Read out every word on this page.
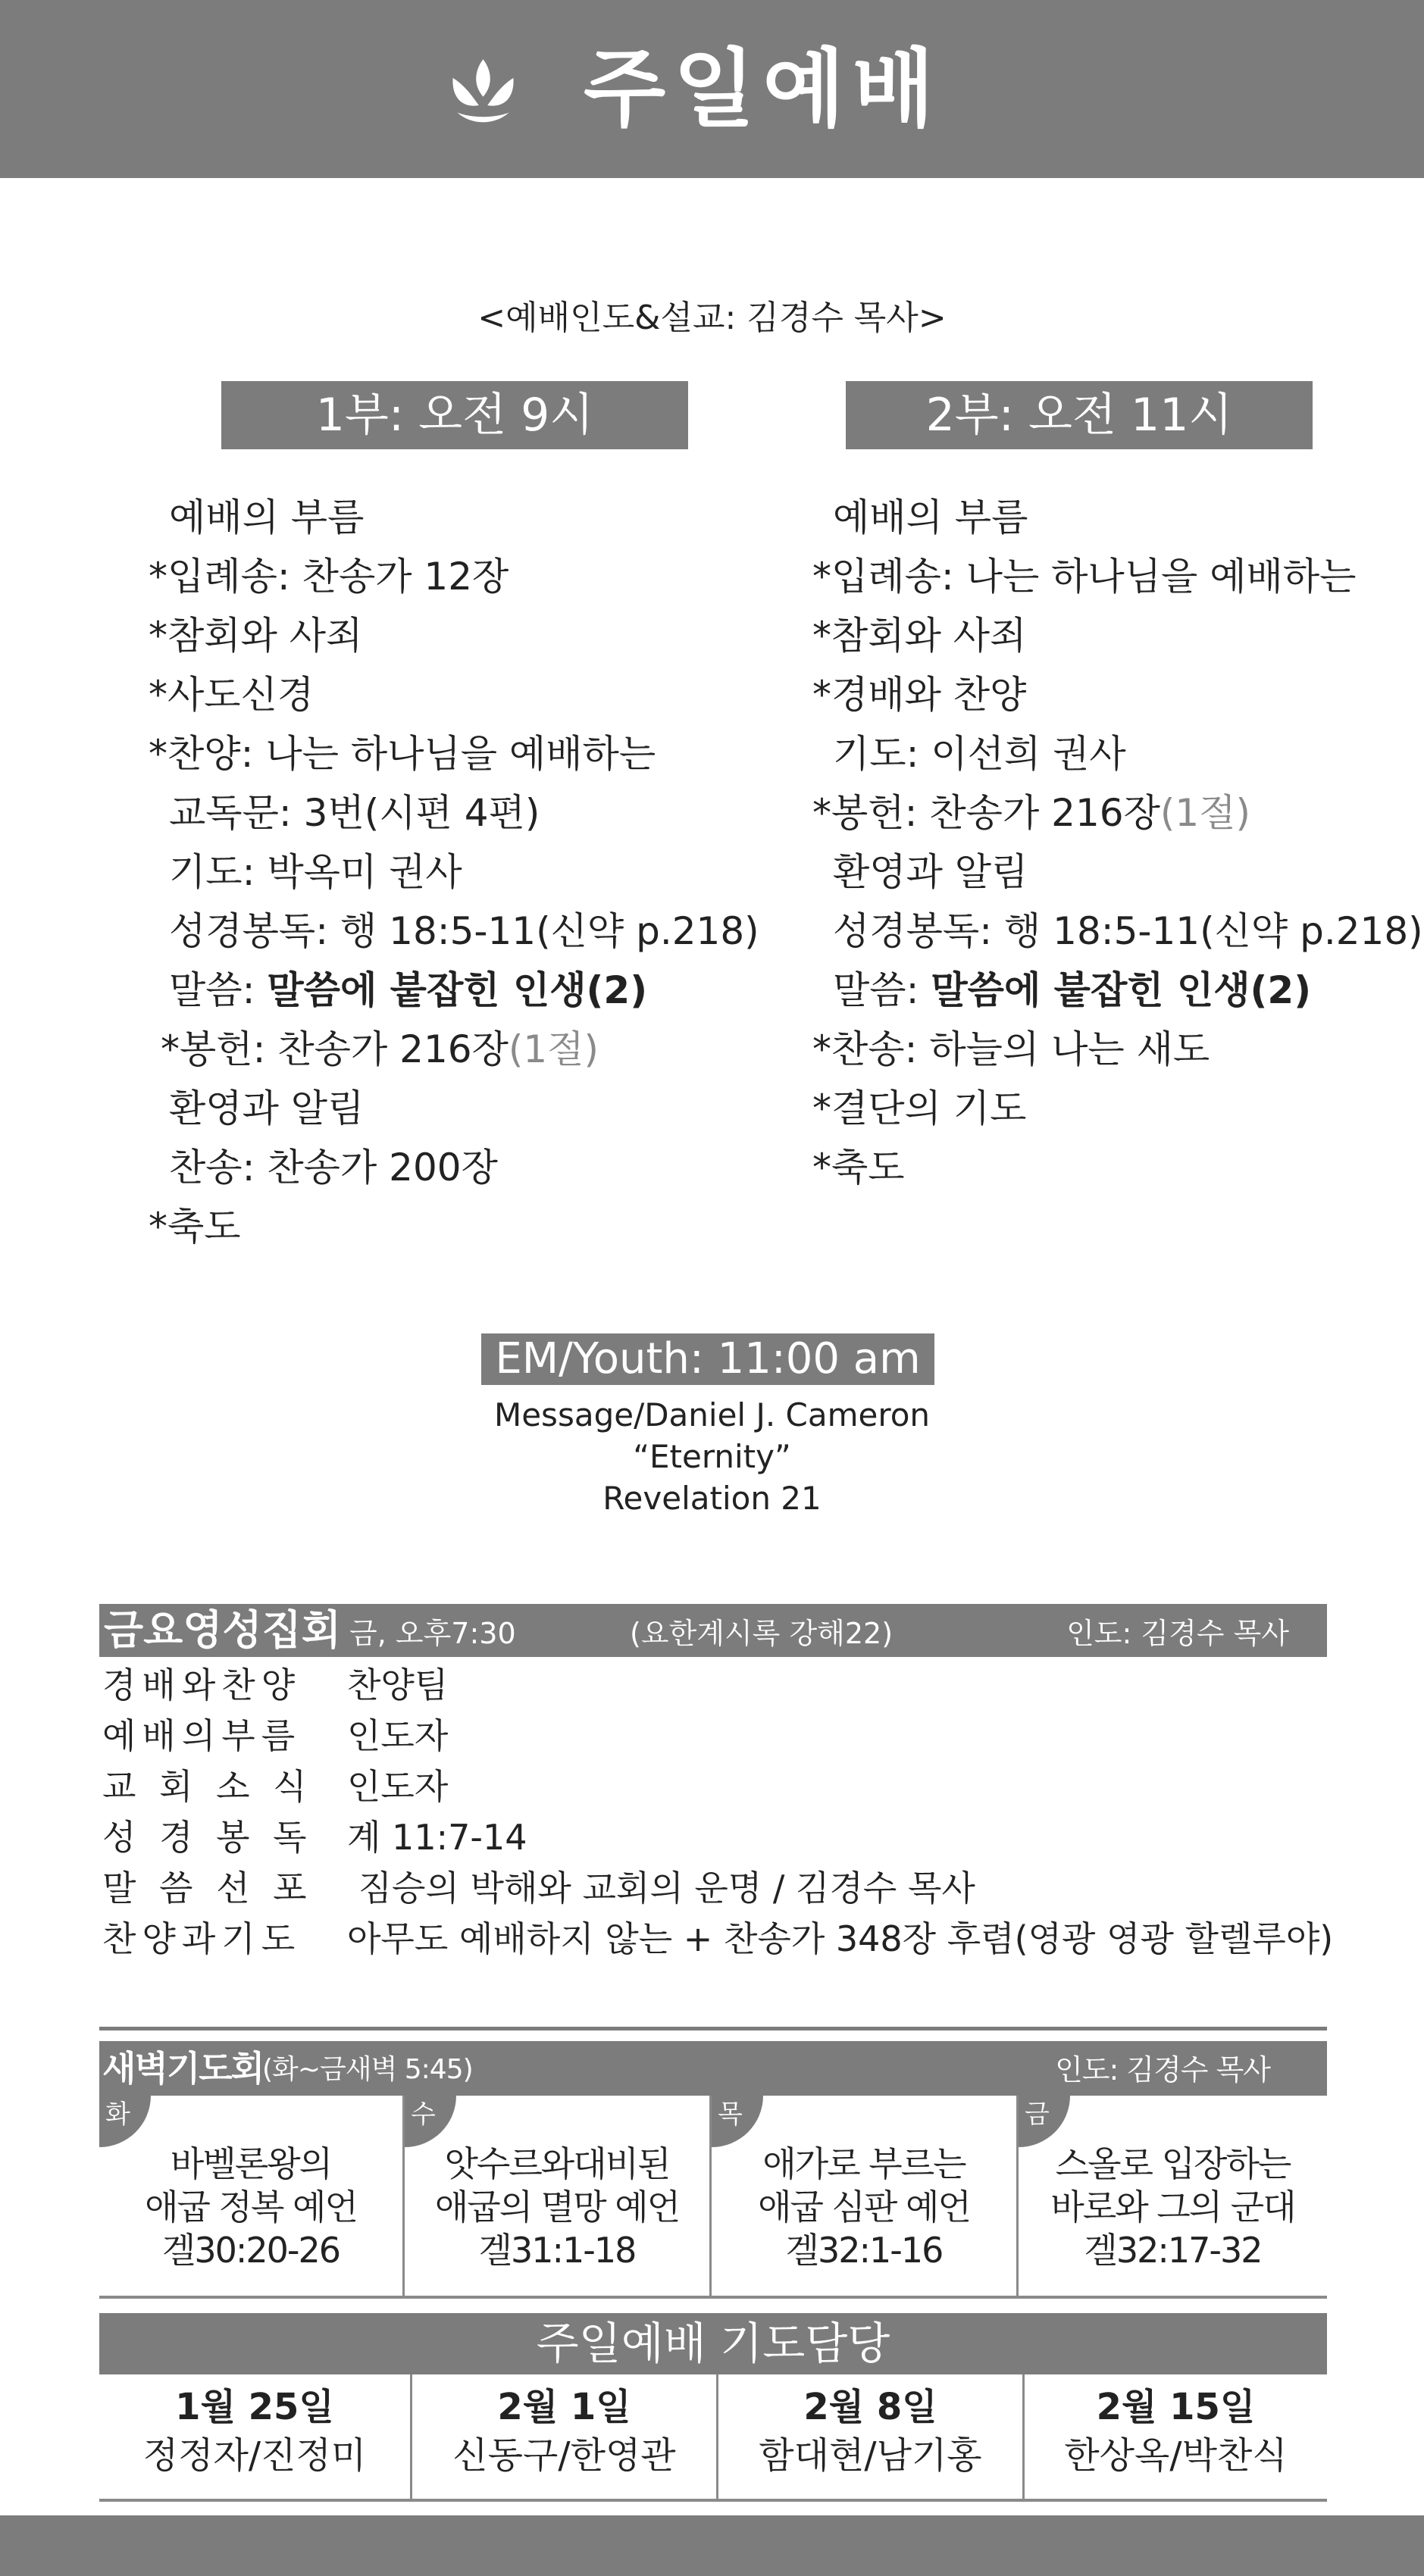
주일예배
<예배인도&설교: 김경수 목사>
1부: 오전 9시	2부: 오전 11시
예배의 부름
*입례송: 찬송가 12장
*참회와 사죄
*사도신경
*찬양: 나는 하나님을 예배하는
교독문: 3번(시편 4편)
기도: 박옥미 권사
성경봉독: 행 18:5-11(신약 p.218)
말씀: 말씀에 붙잡힌 인생(2)
*봉헌: 찬송가 216장(1절)
환영과 알림
찬송: 찬송가 200장
*축도
예배의 부름
*입례송: 나는 하나님을 예배하는
*참회와 사죄
*경배와 찬양
기도: 이선희 권사
*봉헌: 찬송가 216장(1절)
환영과 알림
성경봉독: 행 18:5-11(신약 p.218)
말씀: 말씀에 붙잡힌 인생(2)
*찬송: 하늘의 나는 새도
*결단의 기도
*축도
EM/Youth: 11:00 am
Message/Daniel J. Cameron
“Eternity”
Revelation 21
금요영성집회 금, 오후7:30	(요한계시록 강해22)	인도: 김경수 목사
경배와찬양 찬양팀
예배의부름 인도자
교 회 소 식 인도자
성 경 봉 독 계 11:7-14
말 씀 선 포 짐승의 박해와 교회의 운명 / 김경수 목사
찬양과기도 아무도 예배하지 않는 + 찬송가 348장 후렴(영광 영광 할렐루야)
새벽기도회
(화~금새벽 5:45)	인도: 김경수 목사
화
바벨론왕의
애굽 정복 예언
겔30:20-26
수
앗수르와대비된
애굽의 멸망 예언
겔31:1-18
목
애가로 부르는
애굽 심판 예언
겔32:1-16
금
스올로 입장하는
바로와 그의 군대
겔32:17-32
주일예배 기도담당
1월 25일
정정자/진정미
2월 1일
신동구/한영관
2월 8일
함대현/남기홍
2월 15일
한상옥/박찬식
